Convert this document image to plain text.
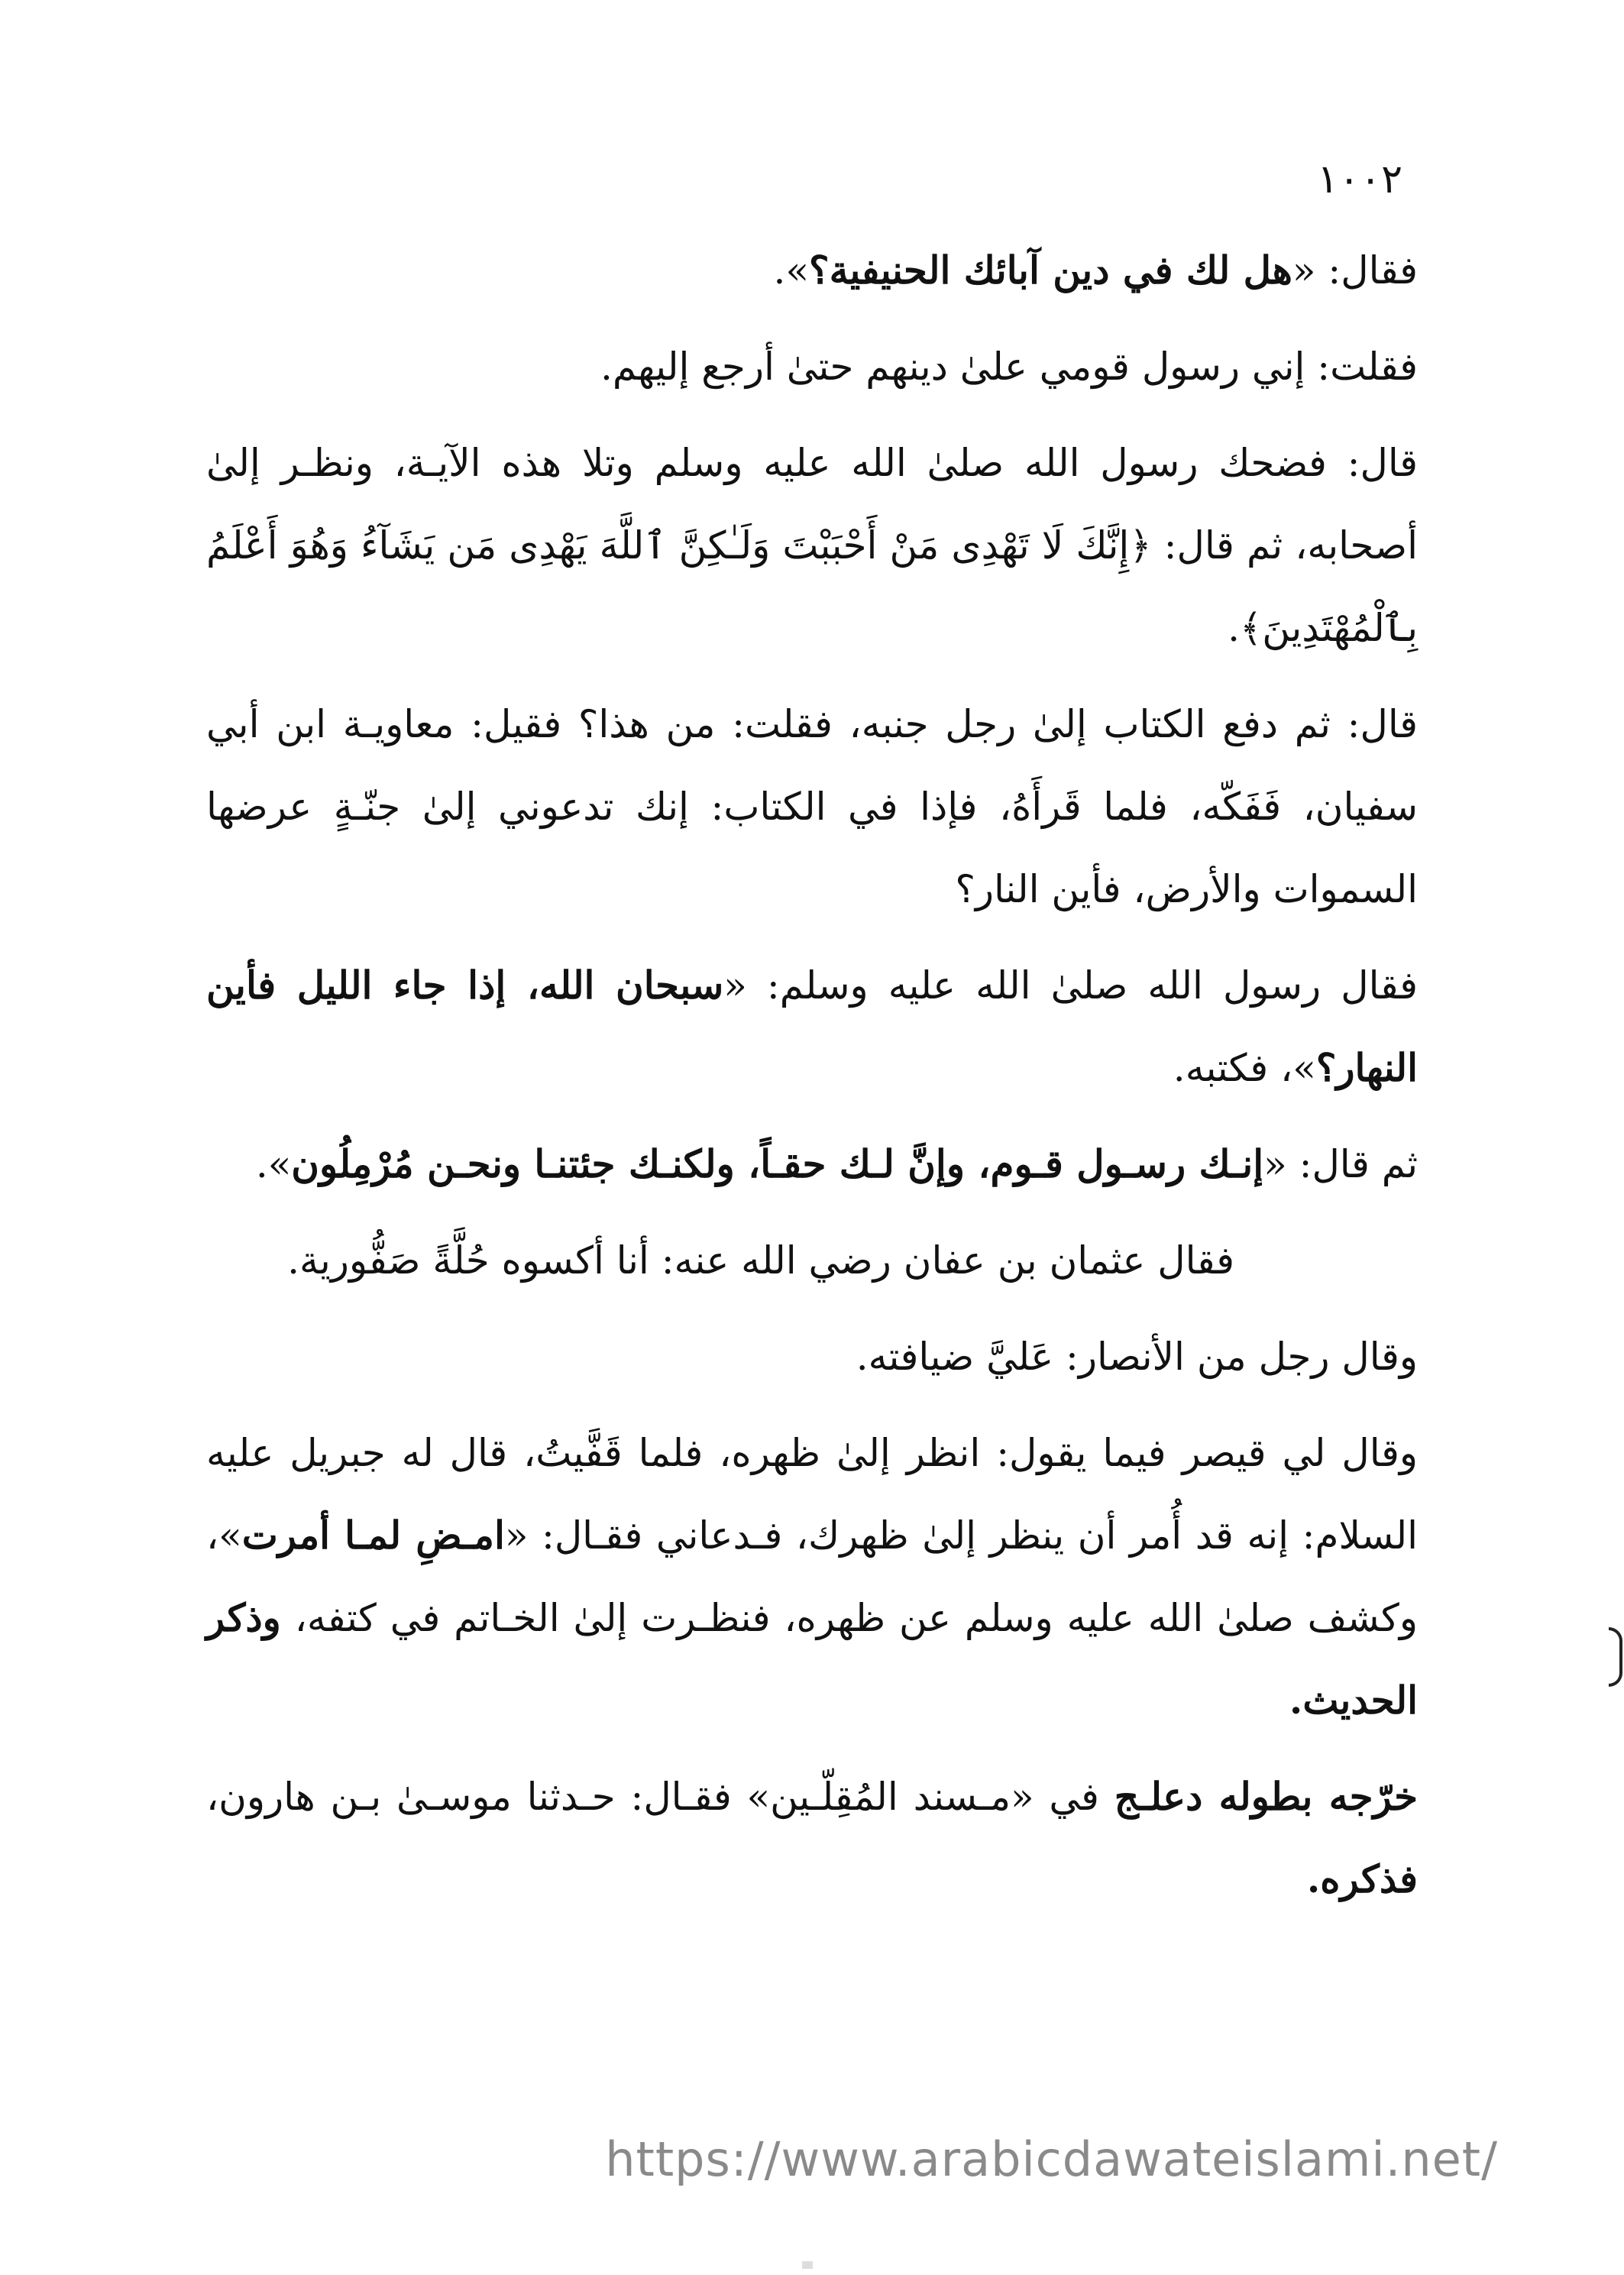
١٠٠٢

فقال: «هل لك في دين آبائك الحنيفية؟».

فقلت: إني رسول قومي علىٰ دينهم حتىٰ أرجع إليهم.

قال: فضحك رسول الله صلىٰ الله عليه وسلم وتلا هذه الآيـة، ونظـر إلىٰ أصحابه، ثم قال: ﴿إِنَّكَ لَا تَهْدِى مَنْ أَحْبَبْتَ وَلَـٰكِنَّ ٱللَّهَ يَهْدِى مَن يَشَآءُ وَهُوَ أَعْلَمُ بِٱلْمُهْتَدِينَ﴾.

قال: ثم دفع الكتاب إلىٰ رجل جنبه، فقلت: من هذا؟ فقيل: معاويـة ابن أبي سفيان، فَفَكّه، فلما قَرأَهُ، فإذا في الكتاب: إنك تدعوني إلىٰ جنّـةٍ عرضها السموات والأرض، فأين النار؟

فقال رسول الله صلىٰ الله عليه وسلم: «سبحان الله، إذا جاء الليل فأين النهار؟»، فكتبه.

ثم قال: «إنـك رسـول قـوم، وإنَّ لـك حقـاً، ولكنـك جئتنـا ونحـن مُرْمِلُون».

فقال عثمان بن عفان رضي الله عنه: أنا أكسوه حُلَّةً صَفُّورية.

وقال رجل من الأنصار: عَليَّ ضيافته.

وقال لي قيصر فيما يقول: انظر إلىٰ ظهره، فلما قَفَّيتُ، قال له جبريل عليه السلام: إنه قد أُمر أن ينظر إلىٰ ظهرك، فـدعاني فقـال: «امـضِ لمـا أمرت»، وكشف صلىٰ الله عليه وسلم عن ظهره، فنظـرت إلىٰ الخـاتم في كتفه، وذكر الحديث.

خرّجه بطوله دعلـج في «مـسند المُقِلّـين» فقـال: حـدثنا موسـىٰ بـن هارون، فذكره.

https://www.arabicdawateislami.net/
